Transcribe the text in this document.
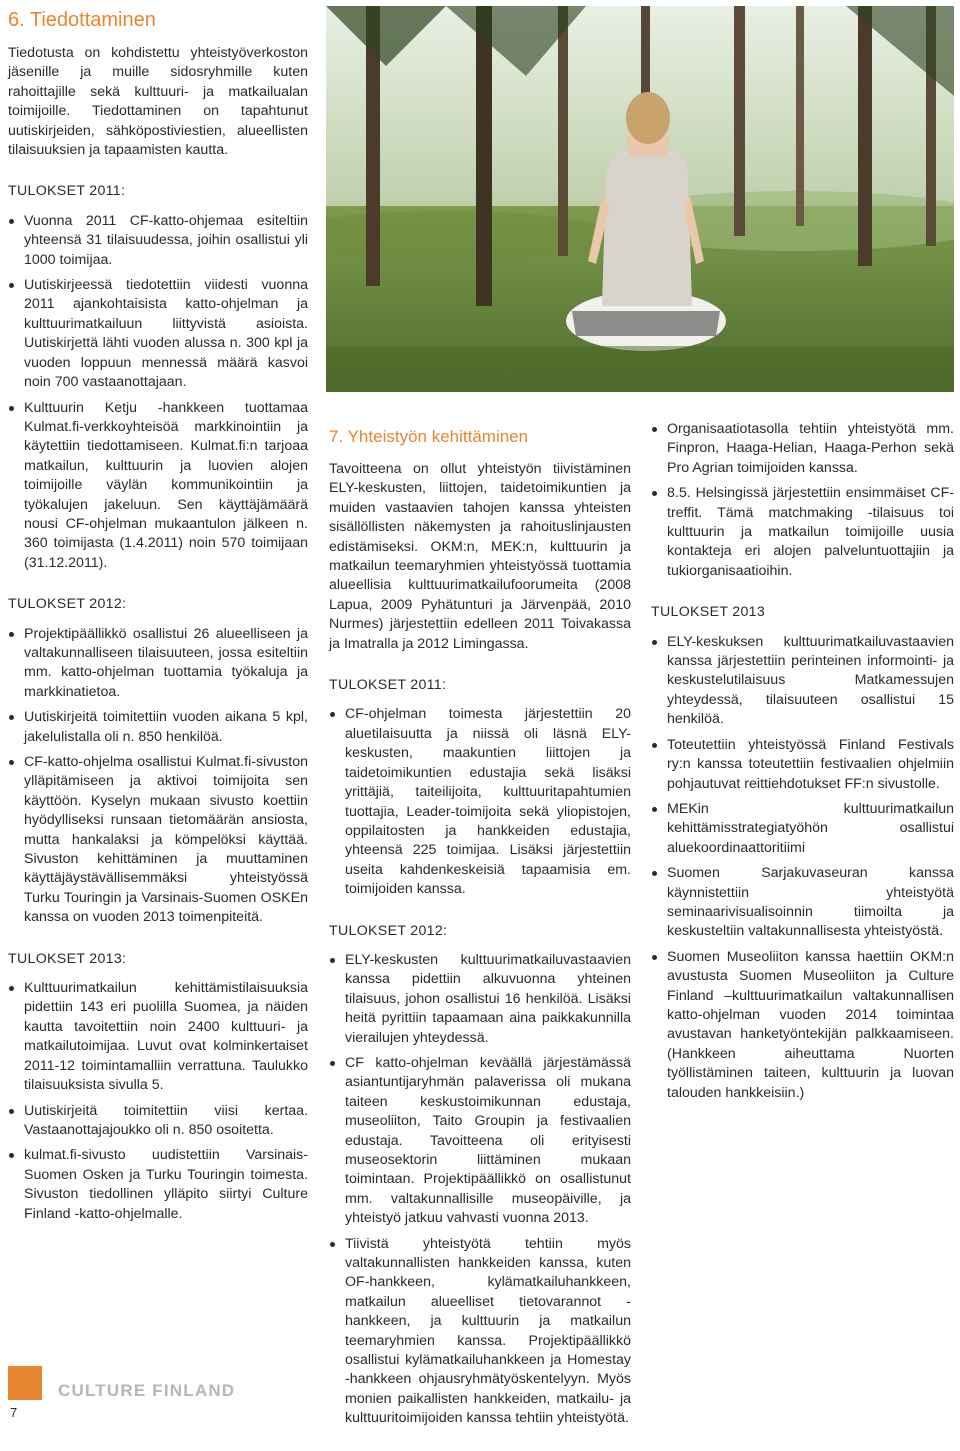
6. Tiedottaminen

Tiedotusta on kohdistettu yhteistyöverkoston jäsenille ja muille sidosryhmille kuten rahoittajille sekä kulttuuri- ja matkailualan toimijoille. Tiedottaminen on tapahtunut uutiskirjeiden, sähköpostiviestien, alueellisten tilaisuuksien ja tapaamisten kautta.

TULOKSET 2011:
Vuonna 2011 CF-katto-ohjemaa esiteltiin yhteensä 31 tilaisuudessa, joihin osallistui yli 1000 toimijaa.
Uutiskirjeessä tiedotettiin viidesti vuonna 2011 ajankohtaisista katto-ohjelman ja kulttuurimatkailuun liittyvistä asioista. Uutiskirjettä lähti vuoden alussa n. 300 kpl ja vuoden loppuun mennessä määrä kasvoi noin 700 vastaanottajaan.
Kulttuurin Ketju -hankkeen tuottamaa Kulmat.fi-verkkoyhteisöä markkinointiin ja käytettiin tiedottamiseen. Kulmat.fi:n tarjoaa matkailun, kulttuurin ja luovien alojen toimijoille väylän kommunikointiin ja työkalujen jakeluun. Sen käyttäjämäärä nousi CF-ohjelman mukaantulon jälkeen n. 360 toimijasta (1.4.2011) noin 570 toimijaan (31.12.2011).
TULOKSET 2012:
Projektipäällikkö osallistui 26 alueelliseen ja valtakunnalliseen tilaisuuteen, jossa esiteltiin mm. katto-ohjelman tuottamia työkaluja ja markkinatietoa.
Uutiskirjeitä toimitettiin vuoden aikana 5 kpl, jakelulistalla oli n. 850 henkilöä.
CF-katto-ohjelma osallistui Kulmat.fi-sivuston ylläpitämiseen ja aktivoi toimijoita sen käyttöön. Kyselyn mukaan sivusto koettiin hyödylliseksi runsaan tietomäärän ansiosta, mutta hankalaksi ja kömpelöksi käyttää. Sivuston kehittäminen ja muuttaminen käyttäjäystävällisemmäksi yhteistyössä Turku Touringin ja Varsinais-Suomen OSKEn kanssa on vuoden 2013 toimenpiteitä.
TULOKSET 2013:
Kulttuurimatkailun kehittämistilaisuuksia pidettiin 143 eri puolilla Suomea, ja näiden kautta tavoitettiin noin 2400 kulttuuri- ja matkailutoimijaa. Luvut ovat kolminkertaiset 2011-12 toimintamalliin verrattuna. Taulukko tilaisuuksista sivulla 5.
Uutiskirjeitä toimitettiin viisi kertaa. Vastaanottajajoukko oli n. 850 osoitetta.
kulmat.fi-sivusto uudistettiin Varsinais-Suomen Osken ja Turku Touringin toimesta. Sivuston tiedollinen ylläpito siirtyi Culture Finland -katto-ohjelmalle.
7. Yhteistyön kehittäminen

Tavoitteena on ollut yhteistyön tiivistäminen ELY-keskusten, liittojen, taidetoimikuntien ja muiden vastaavien tahojen kanssa yhteisten sisällöllisten näkemysten ja rahoituslinjausten edistämiseksi. OKM:n, MEK:n, kulttuurin ja matkailun teemaryhmien yhteistyössä tuottamia alueellisia kulttuurimatkailufoorumeita (2008 Lapua, 2009 Pyhätunturi ja Järvenpää, 2010 Nurmes) järjestettiin edelleen 2011 Toivakassa ja Imatralla ja 2012 Limingassa.

TULOKSET 2011:
CF-ohjelman toimesta järjestettiin 20 aluetilaisuutta ja niissä oli läsnä ELY-keskusten, maakuntien liittojen ja taidetoimikuntien edustajia sekä lisäksi yrittäjiä, taiteilijoita, kulttuuritapahtumien tuottajia, Leader-toimijoita sekä yliopistojen, oppilaitosten ja hankkeiden edustajia, yhteensä 225 toimijaa. Lisäksi järjestettiin useita kahdenkeskeisiä tapaamisia em. toimijoiden kanssa.
TULOKSET 2012:
ELY-keskusten kulttuurimatkailuvastaavien kanssa pidettiin alkuvuonna yhteinen tilaisuus, johon osallistui 16 henkilöä. Lisäksi heitä pyrittiin tapaamaan aina paikkakunnilla vierailujen yhteydessä.
CF katto-ohjelman keväällä järjestämässä asiantuntijaryhmän palaverissa oli mukana taiteen keskustoimikunnan edustaja, museoliiton, Taito Groupin ja festivaalien edustaja. Tavoitteena oli erityisesti museosektorin liittäminen mukaan toimintaan. Projektipäällikkö on osallistunut mm. valtakunnallisille museopäiville, ja yhteistyö jatkuu vahvasti vuonna 2013.
Tiivistä yhteistyötä tehtiin myös valtakunnallisten hankkeiden kanssa, kuten OF-hankkeen, kylämatkailuhankkeen, matkailun alueelliset tietovarannot -hankkeen, ja kulttuurin ja matkailun teemaryhmien kanssa. Projektipäällikkö osallistui kylämatkailuhankkeen ja Homestay -hankkeen ohjausryhmätyöskentelyyn. Myös monien paikallisten hankkeiden, matkailu- ja kulttuuritoimijoiden kanssa tehtiin yhteistyötä.
Organisaatiotasolla tehtiin yhteistyötä mm. Finpron, Haaga-Helian, Haaga-Perhon sekä Pro Agrian toimijoiden kanssa.
8.5. Helsingissä järjestettiin ensimmäiset CF-treffit. Tämä matchmaking -tilaisuus toi kulttuurin ja matkailun toimijoille uusia kontakteja eri alojen palveluntuottajiin ja tukiorganisaatioihin.
TULOKSET 2013
ELY-keskuksen kulttuurimatkailuvastaavien kanssa järjestettiin perinteinen informointi- ja keskustelutilaisuus Matkamessujen yhteydessä, tilaisuuteen osallistui 15 henkilöä.
Toteutettiin yhteistyössä Finland Festivals ry:n kanssa toteutettiin festivaalien ohjelmiin pohjautuvat reittiehdotukset FF:n sivustolle.
MEKin kulttuurimatkailun kehittämisstrategiatyöhön osallistui aluekoordinaattoritiimi
Suomen Sarjakuvaseuran kanssa käynnistettiin yhteistyötä seminaarivisualisoinnin tiimoilta ja keskusteltiin valtakunnallisesta yhteistyöstä.
Suomen Museoliiton kanssa haettiin OKM:n avustusta Suomen Museoliiton ja Culture Finland –kulttuurimatkailun valtakunnallisen katto-ohjelman vuoden 2014 toimintaa avustavan hanketyöntekijän palkkaamiseen. (Hankkeen aiheuttama Nuorten työllistäminen taiteen, kulttuurin ja luovan talouden hankkeisiin.)
CULTURE FINLAND
7
